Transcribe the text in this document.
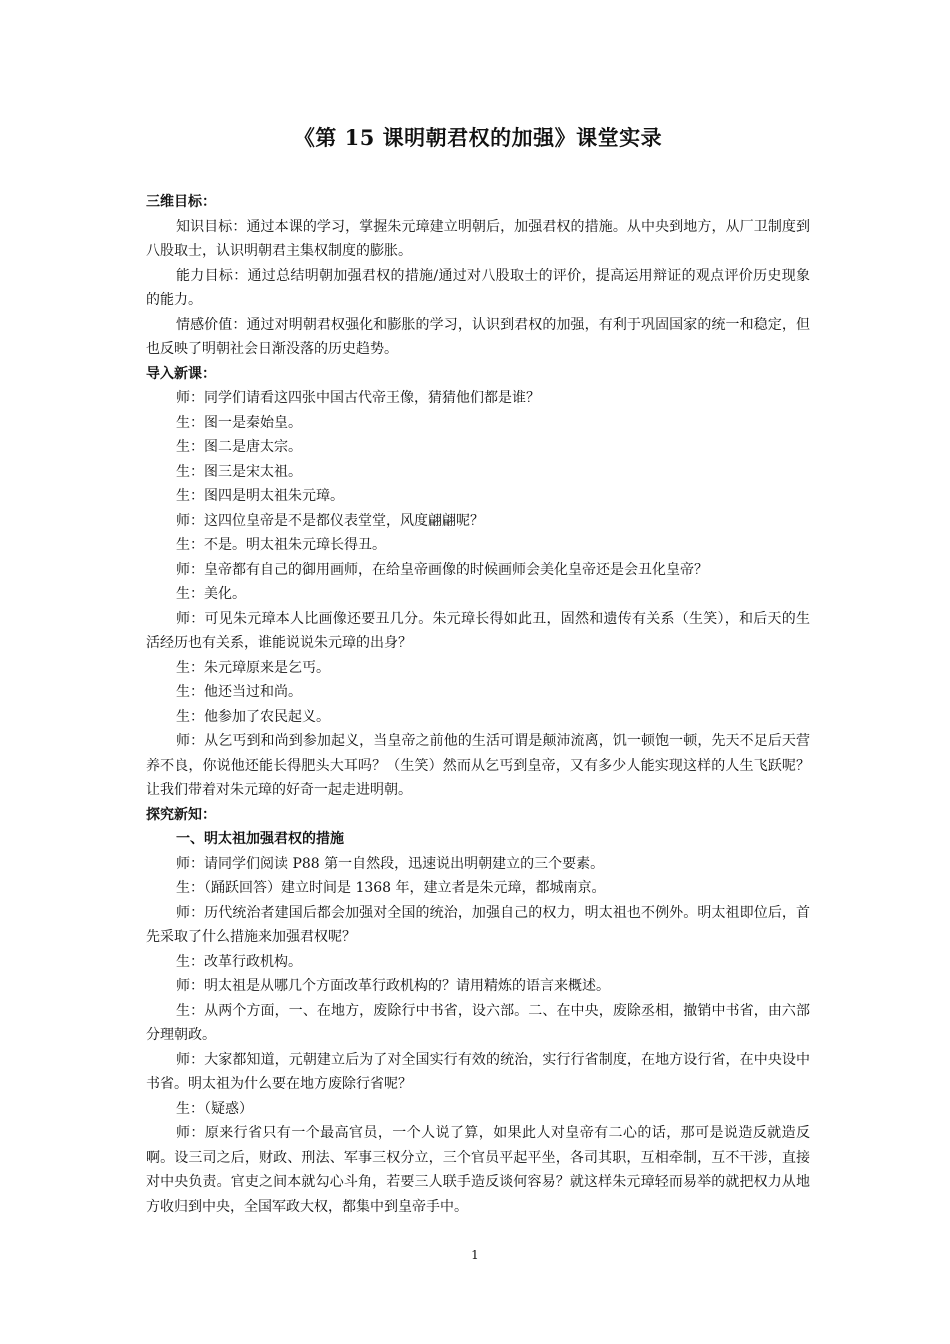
《第 15 课明朝君权的加强》课堂实录

三维目标：

知识目标：通过本课的学习，掌握朱元璋建立明朝后，加强君权的措施。从中央到地方，从厂卫制度到八股取士，认识明朝君主集权制度的膨胀。

能力目标：通过总结明朝加强君权的措施/通过对八股取士的评价，提高运用辩证的观点评价历史现象的能力。

情感价值：通过对明朝君权强化和膨胀的学习，认识到君权的加强，有利于巩固国家的统一和稳定，但也反映了明朝社会日渐没落的历史趋势。

导入新课：

师：同学们请看这四张中国古代帝王像，猜猜他们都是谁？

生：图一是秦始皇。

生：图二是唐太宗。

生：图三是宋太祖。

生：图四是明太祖朱元璋。

师：这四位皇帝是不是都仪表堂堂，风度翩翩呢？

生：不是。明太祖朱元璋长得丑。

师：皇帝都有自己的御用画师，在给皇帝画像的时候画师会美化皇帝还是会丑化皇帝？

生：美化。

师：可见朱元璋本人比画像还要丑几分。朱元璋长得如此丑，固然和遗传有关系（生笑），和后天的生活经历也有关系，谁能说说朱元璋的出身？

生：朱元璋原来是乞丐。

生：他还当过和尚。

生：他参加了农民起义。

师：从乞丐到和尚到参加起义，当皇帝之前他的生活可谓是颠沛流离，饥一顿饱一顿，先天不足后天营养不良，你说他还能长得肥头大耳吗？（生笑）然而从乞丐到皇帝，又有多少人能实现这样的人生飞跃呢？让我们带着对朱元璋的好奇一起走进明朝。

探究新知：

一、明太祖加强君权的措施

师：请同学们阅读 P88 第一自然段，迅速说出明朝建立的三个要素。

生：（踊跃回答）建立时间是 1368 年，建立者是朱元璋，都城南京。

师：历代统治者建国后都会加强对全国的统治，加强自己的权力，明太祖也不例外。明太祖即位后，首先采取了什么措施来加强君权呢？

生：改革行政机构。

师：明太祖是从哪几个方面改革行政机构的？请用精炼的语言来概述。

生：从两个方面，一、在地方，废除行中书省，设六部。二、在中央，废除丞相，撤销中书省，由六部分理朝政。

师：大家都知道，元朝建立后为了对全国实行有效的统治，实行行省制度，在地方设行省，在中央设中书省。明太祖为什么要在地方废除行省呢？

生：（疑惑）

师：原来行省只有一个最高官员，一个人说了算，如果此人对皇帝有二心的话，那可是说造反就造反啊。设三司之后，财政、刑法、军事三权分立，三个官员平起平坐，各司其职，互相牵制，互不干涉，直接对中央负责。官吏之间本就勾心斗角，若要三人联手造反谈何容易？就这样朱元璋轻而易举的就把权力从地方收归到中央，全国军政大权，都集中到皇帝手中。

1
